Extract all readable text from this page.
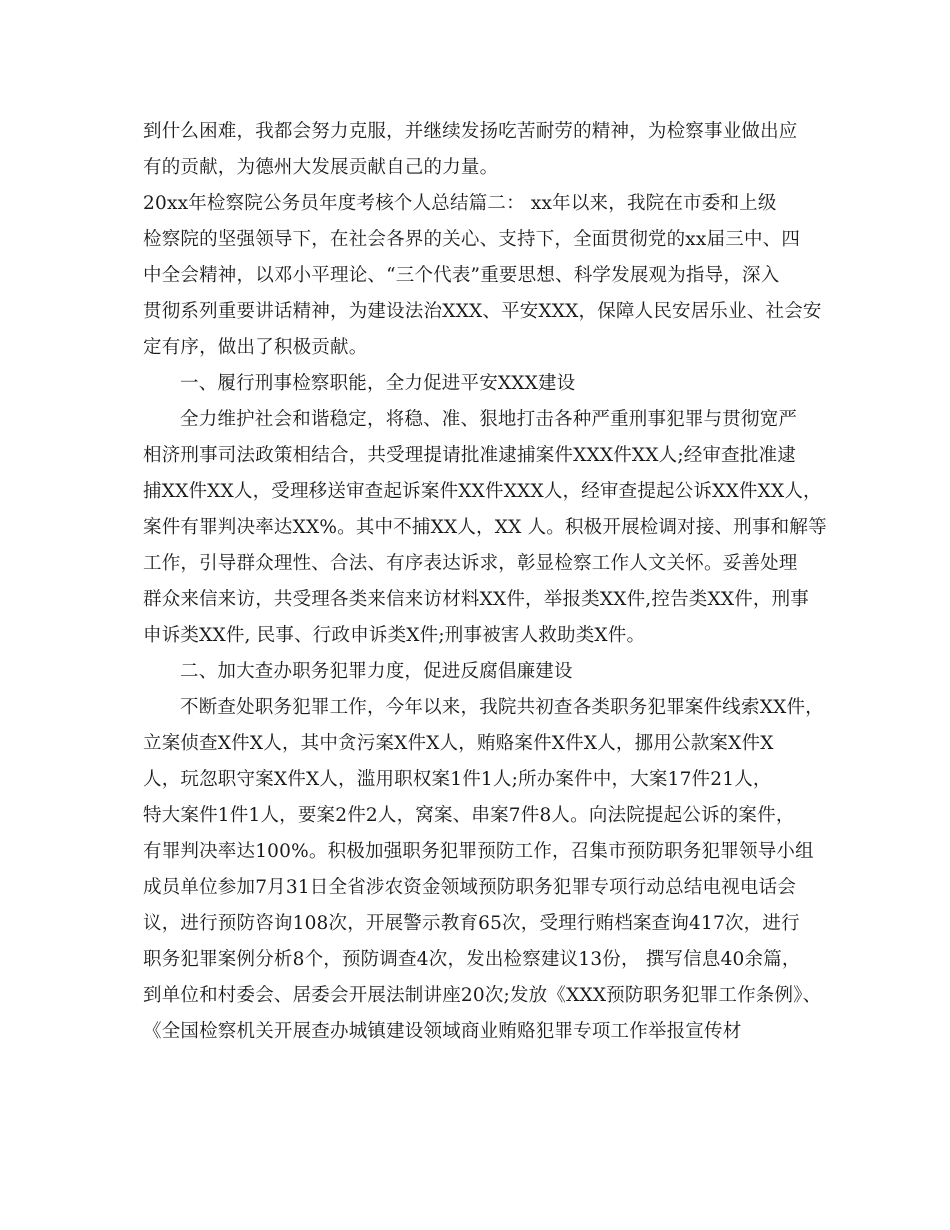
到什么困难，我都会努力克服，并继续发扬吃苦耐劳的精神，为检察事业做出应
有的贡献，为德州大发展贡献自己的力量。
20xx年检察院公务员年度考核个人总结篇二： xx年以来，我院在市委和上级
检察院的坚强领导下，在社会各界的关心、支持下，全面贯彻党的xx届三中、四
中全会精神，以邓小平理论、“三个代表”重要思想、科学发展观为指导，深入
贯彻系列重要讲话精神，为建设法治XXX、平安XXX，保障人民安居乐业、社会安
定有序，做出了积极贡献。
一、履行刑事检察职能，全力促进平安XXX建设
全力维护社会和谐稳定，将稳、准、狠地打击各种严重刑事犯罪与贯彻宽严
相济刑事司法政策相结合，共受理提请批准逮捕案件XXX件XX人;经审查批准逮
捕XX件XX人，受理移送审查起诉案件XX件XXX人，经审查提起公诉XX件XX人，
案件有罪判决率达XX%。其中不捕XX人，XX 人。积极开展检调对接、刑事和解等
工作，引导群众理性、合法、有序表达诉求，彰显检察工作人文关怀。妥善处理
群众来信来访，共受理各类来信来访材料XX件，举报类XX件,控告类XX件，刑事
申诉类XX件, 民事、行政申诉类X件;刑事被害人救助类X件。
二、加大查办职务犯罪力度，促进反腐倡廉建设
不断查处职务犯罪工作，今年以来，我院共初查各类职务犯罪案件线索XX件，
立案侦查X件X人，其中贪污案X件X人，贿赂案件X件X人，挪用公款案X件X
人，玩忽职守案X件X人，滥用职权案1件1人;所办案件中，大案17件21人，
特大案件1件1人，要案2件2人，窝案、串案7件8人。向法院提起公诉的案件，
有罪判决率达100%。积极加强职务犯罪预防工作，召集市预防职务犯罪领导小组
成员单位参加7月31日全省涉农资金领域预防职务犯罪专项行动总结电视电话会
议，进行预防咨询108次，开展警示教育65次，受理行贿档案查询417次，进行
职务犯罪案例分析8个，预防调查4次，发出检察建议13份， 撰写信息40余篇，
到单位和村委会、居委会开展法制讲座20次;发放《XXX预防职务犯罪工作条例》、
《全国检察机关开展查办城镇建设领域商业贿赂犯罪专项工作举报宣传材
